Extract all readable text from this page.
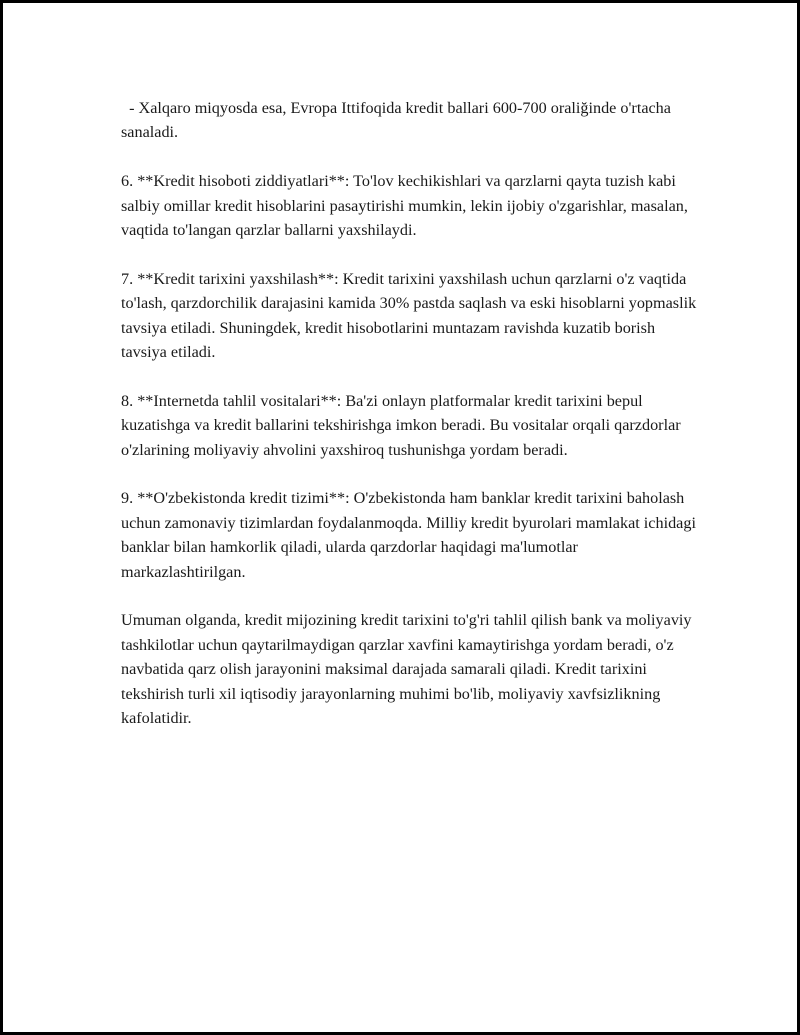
- Xalqaro miqyosda esa, Evropa Ittifoqida kredit ballari 600-700 oraliğinde o'rtacha sanaladi.

6. **Kredit hisoboti ziddiyatlari**: To'lov kechikishlari va qarzlarni qayta tuzish kabi salbiy omillar kredit hisoblarini pasaytirishi mumkin, lekin ijobiy o'zgarishlar, masalan, vaqtida to'langan qarzlar ballarni yaxshilaydi.

7. **Kredit tarixini yaxshilash**: Kredit tarixini yaxshilash uchun qarzlarni o'z vaqtida to'lash, qarzdorchilik darajasini kamida 30% pastda saqlash va eski hisoblarni yopmaslik tavsiya etiladi. Shuningdek, kredit hisobotlarini muntazam ravishda kuzatib borish tavsiya etiladi.

8. **Internetda tahlil vositalari**: Ba'zi onlayn platformalar kredit tarixini bepul kuzatishga va kredit ballarini tekshirishga imkon beradi. Bu vositalar orqali qarzdorlar o'zlarining moliyaviy ahvolini yaxshiroq tushunishga yordam beradi.

9. **O'zbekistonda kredit tizimi**: O'zbekistonda ham banklar kredit tarixini baholash uchun zamonaviy tizimlardan foydalanmoqda. Milliy kredit byurolari mamlakat ichidagi banklar bilan hamkorlik qiladi, ularda qarzdorlar haqidagi ma'lumotlar markazlashtirilgan.

Umuman olganda, kredit mijozining kredit tarixini to'g'ri tahlil qilish bank va moliyaviy tashkilotlar uchun qaytarilmaydigan qarzlar xavfini kamaytirishga yordam beradi, o'z navbatida qarz olish jarayonini maksimal darajada samarali qiladi. Kredit tarixini tekshirish turli xil iqtisodiy jarayonlarning muhimi bo'lib, moliyaviy xavfsizlikning kafolatidir.
